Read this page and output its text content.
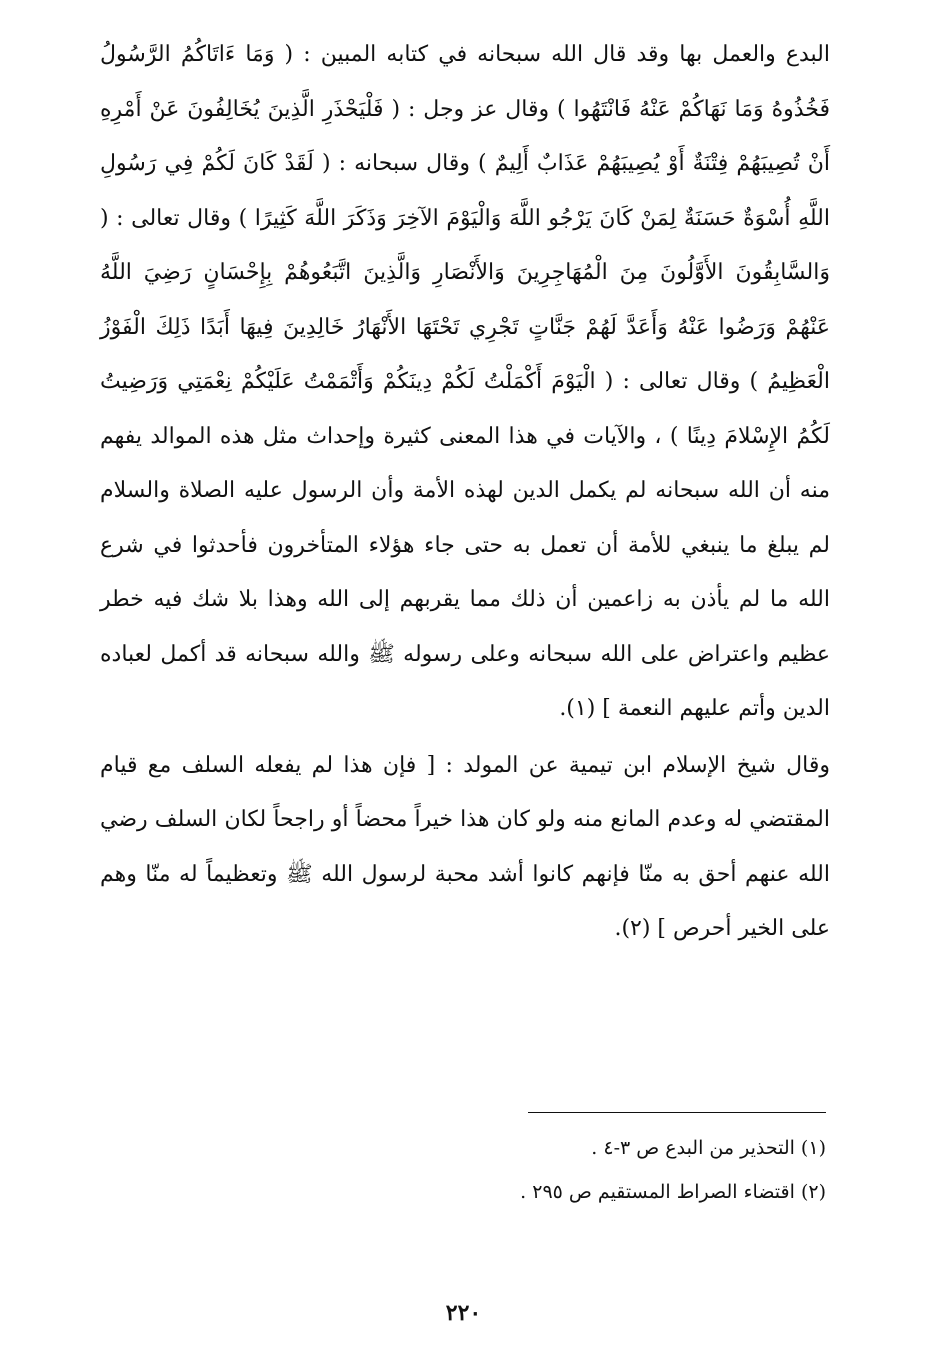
البدع والعمل بها وقد قال الله سبحانه في كتابه المبين : ( وَمَا ءَاتَاكُمُ الرَّسُولُ فَخُذُوهُ وَمَا نَهَاكُمْ عَنْهُ فَانْتَهُوا ) وقال عز وجل : ( فَلْيَحْذَرِ الَّذِينَ يُخَالِفُونَ عَنْ أَمْرِهِ أَنْ تُصِيبَهُمْ فِتْنَةٌ أَوْ يُصِيبَهُمْ عَذَابٌ أَلِيمٌ ) وقال سبحانه : ( لَقَدْ كَانَ لَكُمْ فِي رَسُولِ اللَّهِ أُسْوَةٌ حَسَنَةٌ لِمَنْ كَانَ يَرْجُو اللَّهَ وَالْيَوْمَ الآخِرَ وَذَكَرَ اللَّهَ كَثِيرًا ) وقال تعالى : ( وَالسَّابِقُونَ الأَوَّلُونَ مِنَ الْمُهَاجِرِينَ وَالأَنْصَارِ وَالَّذِينَ اتَّبَعُوهُمْ بِإِحْسَانٍ رَضِيَ اللَّهُ عَنْهُمْ وَرَضُوا عَنْهُ وَأَعَدَّ لَهُمْ جَنَّاتٍ تَجْرِي تَحْتَهَا الأَنْهَارُ خَالِدِينَ فِيهَا أَبَدًا ذَلِكَ الْفَوْزُ الْعَظِيمُ ) وقال تعالى : ( الْيَوْمَ أَكْمَلْتُ لَكُمْ دِينَكُمْ وَأَتْمَمْتُ عَلَيْكُمْ نِعْمَتِي وَرَضِيتُ لَكُمُ الإِسْلامَ دِينًا ) ، والآيات في هذا المعنى كثيرة وإحداث مثل هذه الموالد يفهم منه أن الله سبحانه لم يكمل الدين لهذه الأمة وأن الرسول عليه الصلاة والسلام لم يبلغ ما ينبغي للأمة أن تعمل به حتى جاء هؤلاء المتأخرون فأحدثوا في شرع الله ما لم يأذن به زاعمين أن ذلك مما يقربهم إلى الله وهذا بلا شك فيه خطر عظيم واعتراض على الله سبحانه وعلى رسوله ﷺ والله سبحانه قد أكمل لعباده الدين وأتم عليهم النعمة ] (١).

وقال شيخ الإسلام ابن تيمية عن المولد : [ فإن هذا لم يفعله السلف مع قيام المقتضي له وعدم المانع منه ولو كان هذا خيراً محضاً أو راجحاً لكان السلف رضي الله عنهم أحق به منّا فإنهم كانوا أشد محبة لرسول الله ﷺ وتعظيماً له منّا وهم على الخير أحرص ] (٢).

(١) التحذير من البدع ص ٣-٤ .

(٢) اقتضاء الصراط المستقيم ص ٢٩٥ .

٢٢٠
